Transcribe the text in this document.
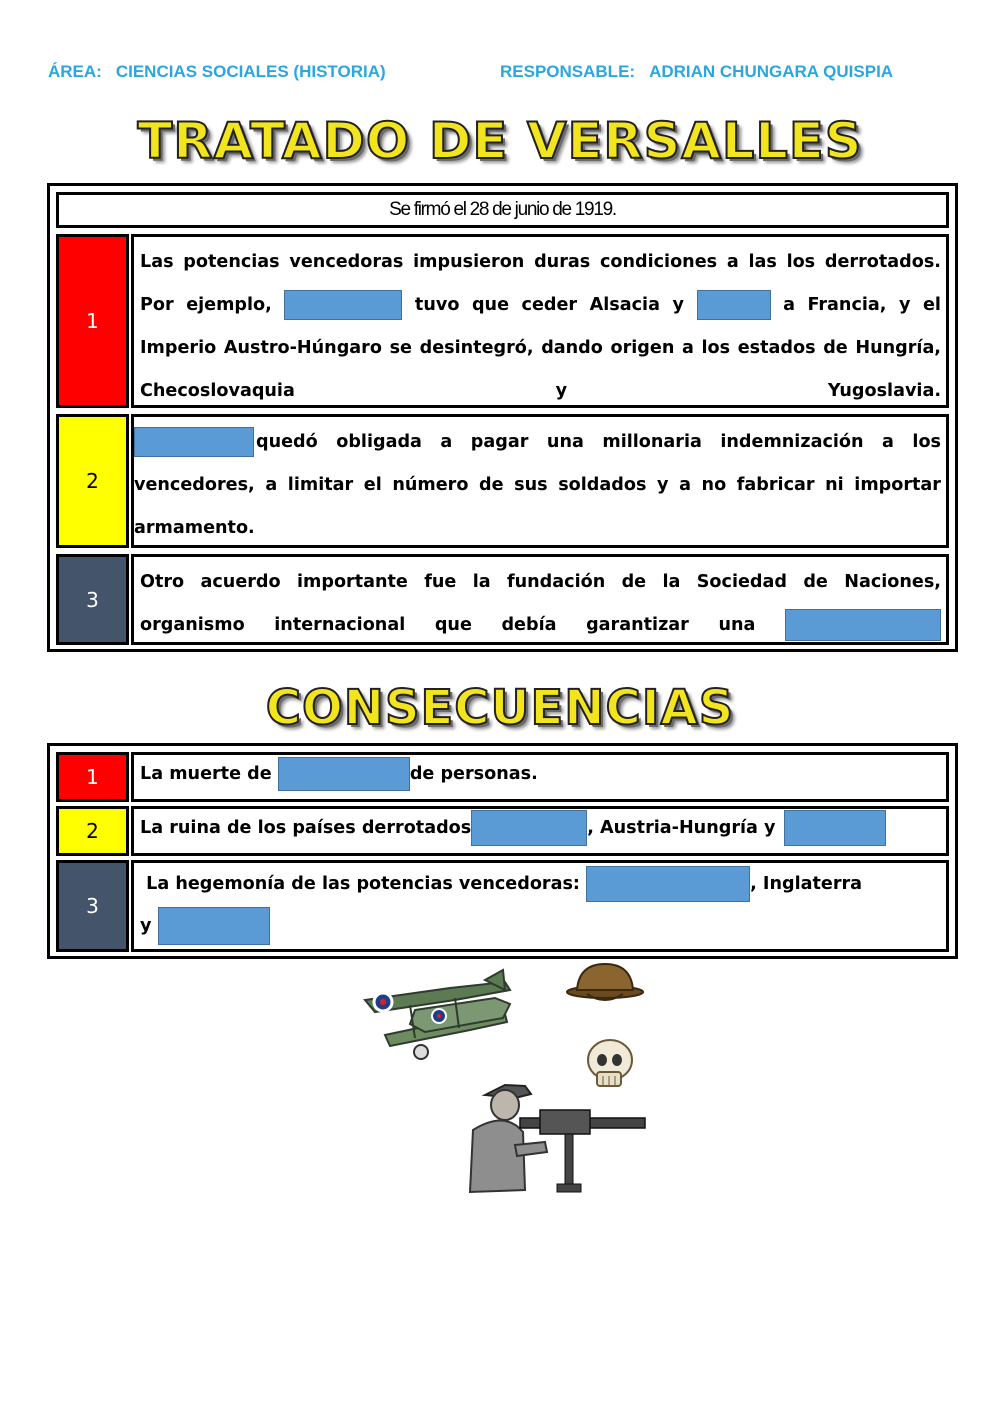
ÁREA: CIENCIAS SOCIALES (HISTORIA)	RESPONSABLE: ADRIAN CHUNGARA QUISPIA
TRATADO DE VERSALLES
Se firmó el 28 de junio de 1919.
1
Las potencias vencedoras impusieron duras condiciones a las los derrotados. Por ejemplo,	tuvo que ceder Alsacia y	a Francia, y el Imperio Austro-Húngaro se desintegró, dando origen a los estados de Hungría, Checoslovaquia y Yugoslavia.
2
quedó obligada a pagar una millonaria indemnización a los vencedores, a limitar el número de sus soldados y a no fabricar ni importar armamento.
3
Otro acuerdo importante fue la fundación de la Sociedad de Naciones, organismo internacional que debía garantizar una
CONSECUENCIAS
1	La muerte de	de personas.
2	La ruina de los países derrotados	, Austria-Hungría y
3
La hegemonía de las potencias vencedoras:	, Inglaterra
y
